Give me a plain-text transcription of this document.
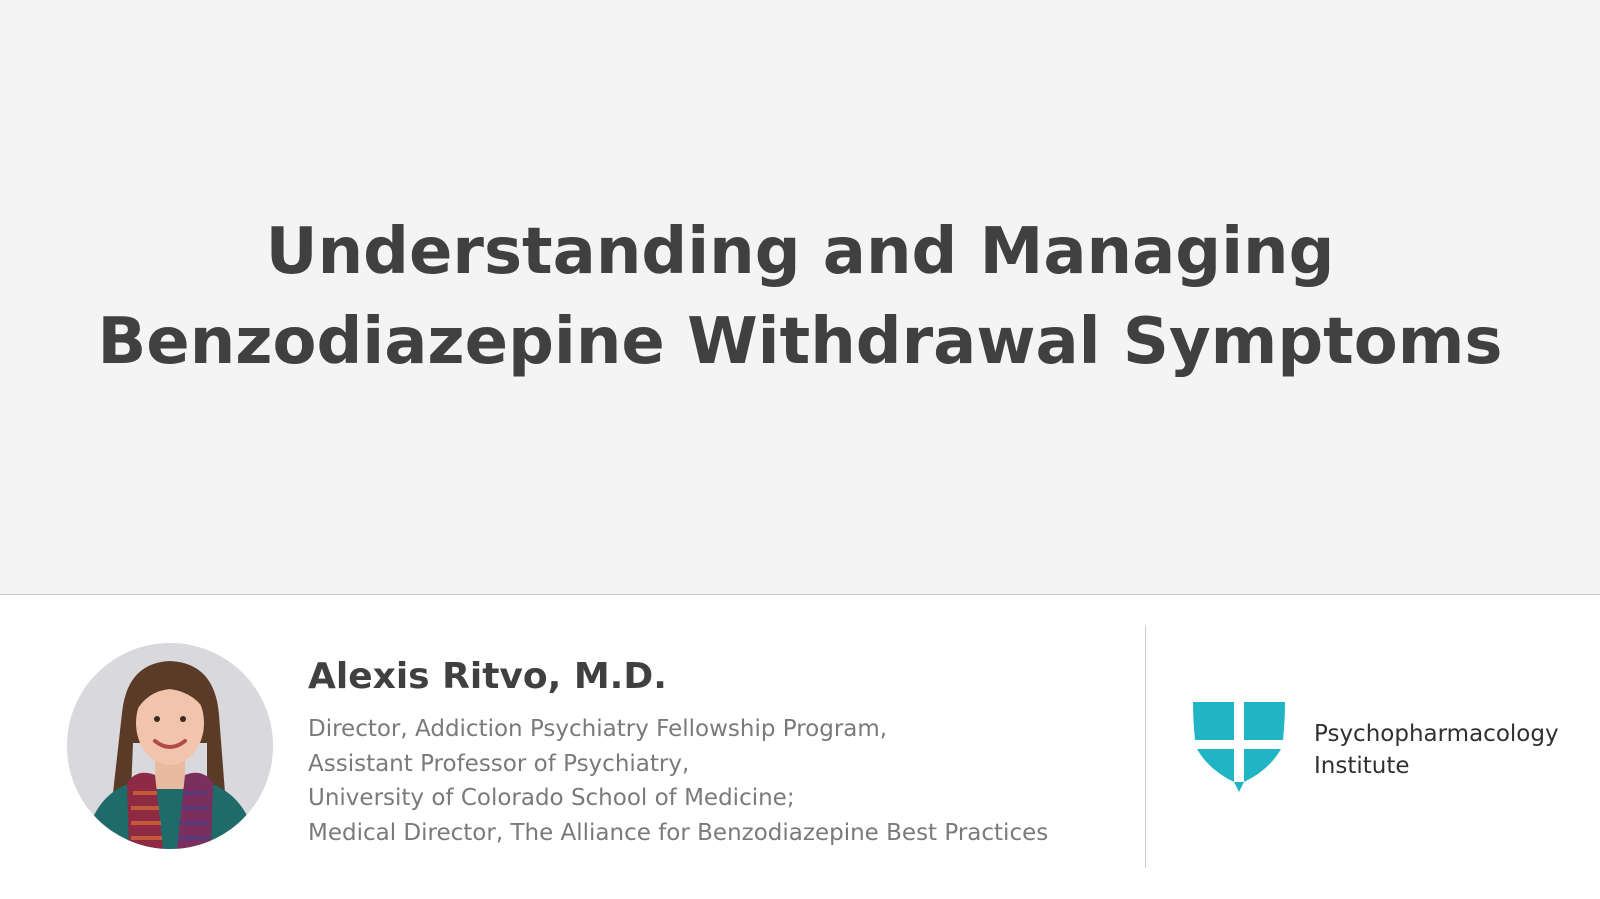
Understanding and Managing
Benzodiazepine Withdrawal Symptoms
Alexis Ritvo, M.D.
Director, Addiction Psychiatry Fellowship Program,
Assistant Professor of Psychiatry,
University of Colorado School of Medicine;
Medical Director, The Alliance for Benzodiazepine Best Practices
Psychopharmacology
Institute
